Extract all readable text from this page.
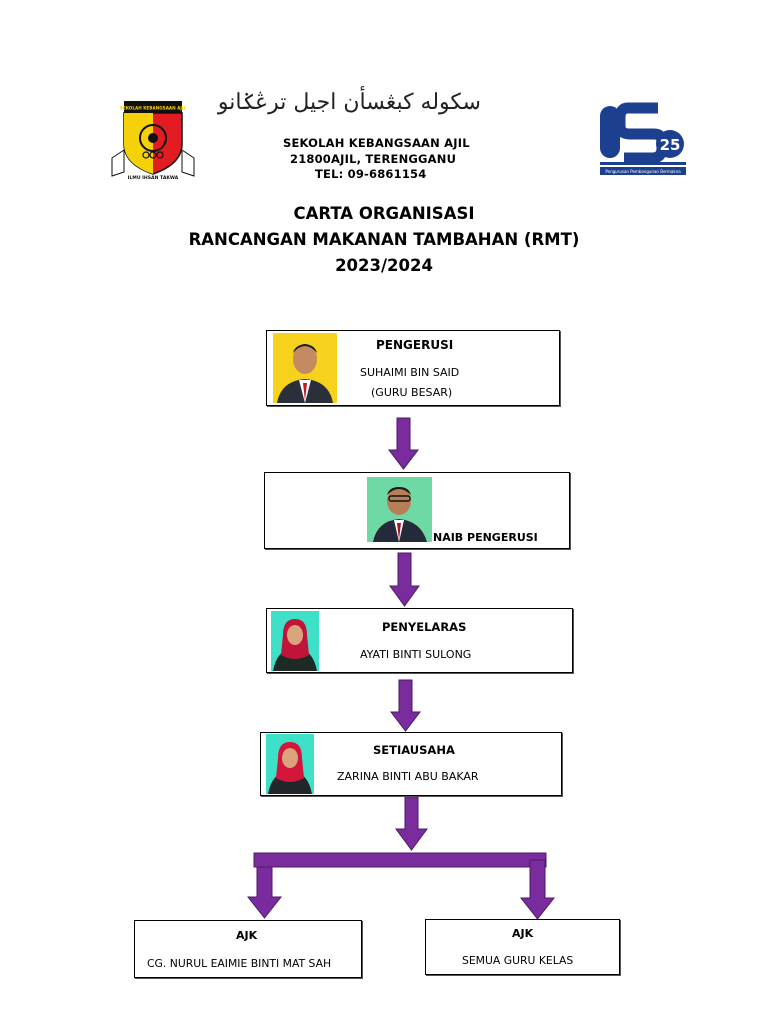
SEKOLAH KEBANGSAAN AJIL
ILMU IHSAN TAKWA
سكولە كبڠسأن اجيل ترڠݢانو
SEKOLAH KEBANGSAAN AJIL
21800AJIL, TERENGGANU
TEL: 09-6861154
25
Pengurusan Pembangunan Bermakna
CARTA ORGANISASI
RANCANGAN MAKANAN TAMBAHAN (RMT)
2023/2024
PENGERUSI
SUHAIMI BIN SAID
(GURU BESAR)
NAIB PENGERUSI
PENYELARAS
AYATI BINTI SULONG
SETIAUSAHA
ZARINA BINTI ABU BAKAR
AJK
CG. NURUL EAIMIE BINTI MAT SAH
AJK
SEMUA GURU KELAS
